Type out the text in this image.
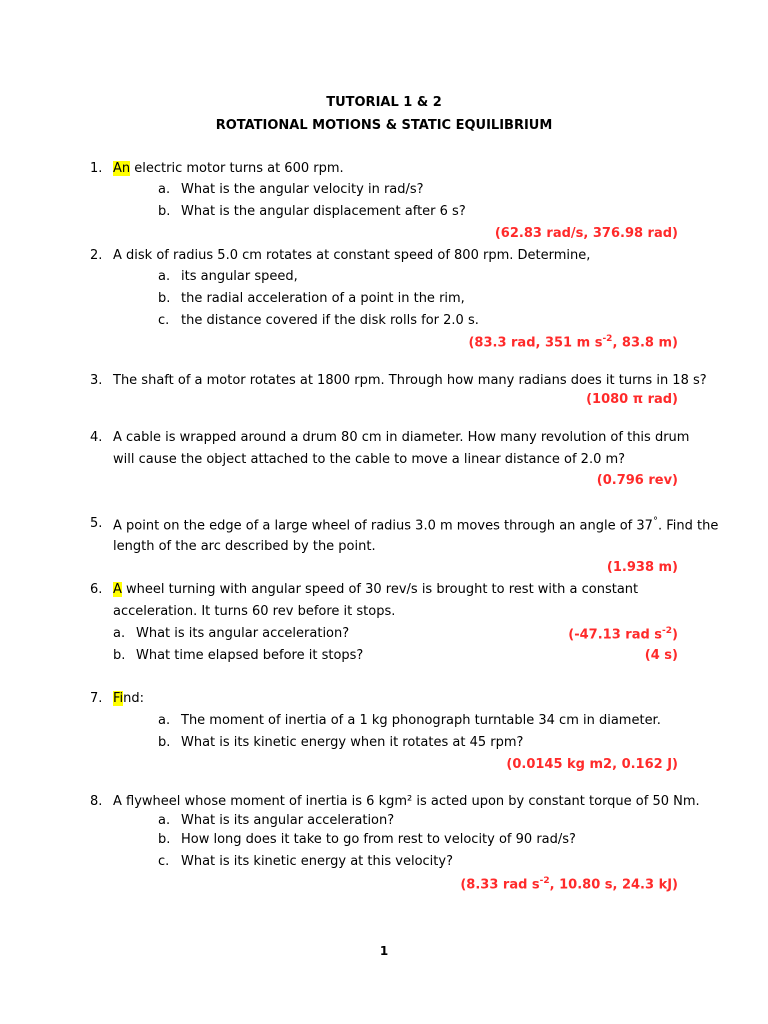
TUTORIAL 1 & 2
ROTATIONAL MOTIONS & STATIC EQUILIBRIUM
1. An electric motor turns at 600 rpm.
a. What is the angular velocity in rad/s?
b. What is the angular displacement after 6 s?
(62.83 rad/s, 376.98 rad)
2. A disk of radius 5.0 cm rotates at constant speed of 800 rpm. Determine,
a. its angular speed,
b. the radial acceleration of a point in the rim,
c. the distance covered if the disk rolls for 2.0 s.
(83.3 rad, 351 m $s^{-2}$, 83.8 m)
3. The shaft of a motor rotates at 1800 rpm. Through how many radians does it turns in 18 s?
(1080 π rad)
4. A cable is wrapped around a drum 80 cm in diameter. How many revolution of this drum
will cause the object attached to the cable to move a linear distance of 2.0 m?
(0.796 rev)
5. A point on the edge of a large wheel of radius 3.0 m moves through an angle of 37°. Find the
length of the arc described by the point.
(1.938 m)
6. A wheel turning with angular speed of 30 rev/s is brought to rest with a constant
acceleration. It turns 60 rev before it stops.
a. What is its angular acceleration?	(-47.13 rad $s^{-2}$)
b. What time elapsed before it stops?	(4 s)
7. Find:
a. The moment of inertia of a 1 kg phonograph turntable 34 cm in diameter.
b. What is its kinetic energy when it rotates at 45 rpm?
(0.0145 kg m2, 0.162 J)
8. A flywheel whose moment of inertia is 6 kgm² is acted upon by constant torque of 50 Nm.
a. What is its angular acceleration?
b. How long does it take to go from rest to velocity of 90 rad/s?
c. What is its kinetic energy at this velocity?
(8.33 rad $s^{-2}$, 10.80 s, 24.3 kJ)
1
